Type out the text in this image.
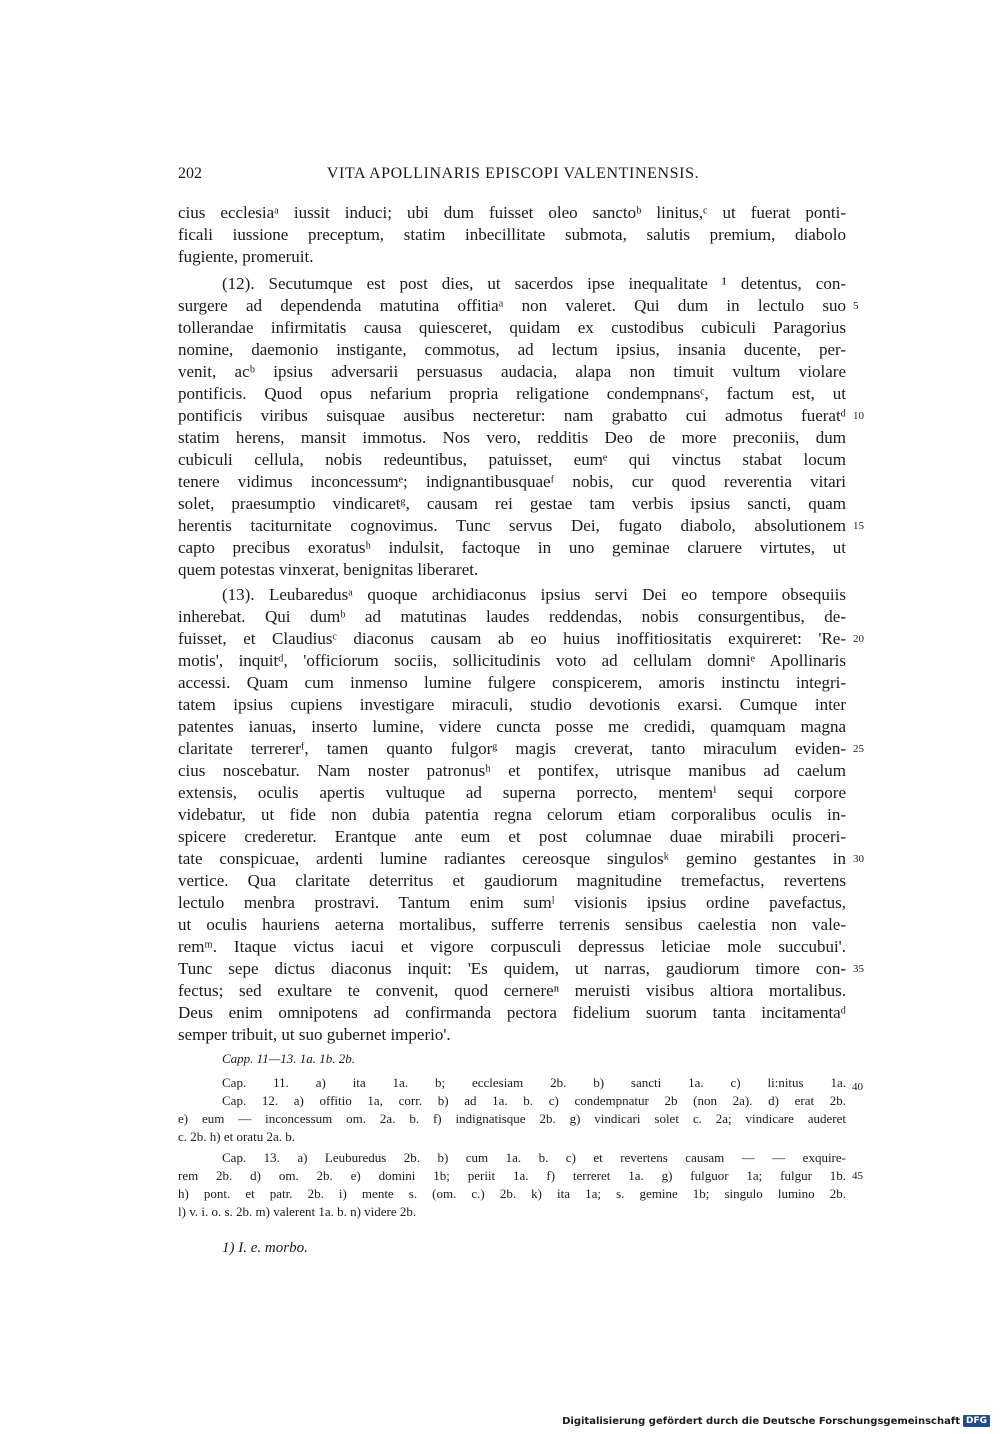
202	VITA APOLLINARIS EPISCOPI VALENTINENSIS.
cius ecclesiaᵃ iussit induci; ubi dum fuisset oleo sanctoᵇ linitus,ᶜ ut fuerat ponti-
ficali iussione preceptum, statim inbecillitate submota, salutis premium, diabolo
fugiente, promeruit.
(12). Secutumque est post dies, ut sacerdos ipse inequalitate ¹ detentus, con-
surgere ad dependenda matutina offitiaᵃ non valeret. Qui dum in lectulo suo
tollerandae infirmitatis causa quiesceret, quidam ex custodibus cubiculi Paragorius
nomine, daemonio instigante, commotus, ad lectum ipsius, insania ducente, per-
venit, acᵇ ipsius adversarii persuasus audacia, alapa non timuit vultum violare
pontificis. Quod opus nefarium propria religatione condempnansᶜ, factum est, ut
pontificis viribus suisquae ausibus necteretur: nam grabatto cui admotus fueratᵈ
statim herens, mansit immotus. Nos vero, redditis Deo de more preconiis, dum
cubiculi cellula, nobis redeuntibus, patuisset, eumᵉ qui vinctus stabat locum
tenere vidimus inconcessumᵉ; indignantibusquaeᶠ nobis, cur quod reverentia vitari
solet, praesumptio vindicaretᵍ, causam rei gestae tam verbis ipsius sancti, quam
herentis taciturnitate cognovimus. Tunc servus Dei, fugato diabolo, absolutionem
capto precibus exoratusʰ indulsit, factoque in uno geminae claruere virtutes, ut
quem potestas vinxerat, benignitas liberaret.
(13). Leubaredusᵃ quoque archidiaconus ipsius servi Dei eo tempore obsequiis
inherebat. Qui dumᵇ ad matutinas laudes reddendas, nobis consurgentibus, de-
fuisset, et Claudiusᶜ diaconus causam ab eo huius inoffitiositatis exquireret: 'Re-
motis', inquitᵈ, 'officiorum sociis, sollicitudinis voto ad cellulam domniᵉ Apollinaris
accessi. Quam cum inmenso lumine fulgere conspicerem, amoris instinctu integri-
tatem ipsius cupiens investigare miraculi, studio devotionis exarsi. Cumque inter
patentes ianuas, inserto lumine, videre cuncta posse me credidi, quamquam magna
claritate terrererᶠ, tamen quanto fulgorᵍ magis creverat, tanto miraculum eviden-
cius noscebatur. Nam noster patronusʰ et pontifex, utrisque manibus ad caelum
extensis, oculis apertis vultuque ad superna porrecto, mentemⁱ sequi corpore
videbatur, ut fide non dubia patentia regna celorum etiam corporalibus oculis in-
spicere crederetur. Erantque ante eum et post columnae duae mirabili proceri-
tate conspicuae, ardenti lumine radiantes cereosque singulosᵏ gemino gestantes in
vertice. Qua claritate deterritus et gaudiorum magnitudine tremefactus, revertens
lectulo menbra prostravi. Tantum enim sumˡ visionis ipsius ordine pavefactus,
ut oculis hauriens aeterna mortalibus, sufferre terrenis sensibus caelestia non vale-
remᵐ. Itaque victus iacui et vigore corpusculi depressus leticiae mole succubui'.
Tunc sepe dictus diaconus inquit: 'Es quidem, ut narras, gaudiorum timore con-
fectus; sed exultare te convenit, quod cernereⁿ meruisti visibus altiora mortalibus.
Deus enim omnipotens ad confirmanda pectora fidelium suorum tanta incitamentaᵈ
semper tribuit, ut suo gubernet imperio'.
5
10
15
20
25
30
35
Capp. 11—13. 1a. 1b. 2b.
Cap. 11. a) ita 1a. b; ecclesiam 2b. b) sancti 1a. c) li:nitus 1a.
Cap. 12. a) offitio 1a, corr. b) ad 1a. b. c) condempnatur 2b (non 2a). d) erat 2b.
e) eum — inconcessum om. 2a. b. f) indignatisque 2b. g) vindicari solet c. 2a; vindicare auderet
c. 2b. h) et oratu 2a. b.
Cap. 13. a) Leuburedus 2b. b) cum 1a. b. c) et revertens causam — — exquire-
rem 2b. d) om. 2b. e) domini 1b; periit 1a. f) terreret 1a. g) fulguor 1a; fulgur 1b.
h) pont. et patr. 2b. i) mente s. (om. c.) 2b. k) ita 1a; s. gemine 1b; singulo lumino 2b.
l) v. i. o. s. 2b. m) valerent 1a. b. n) videre 2b.
40
45
1) I. e. morbo.
Digitalisierung gefördert durch die Deutsche Forschungsgemeinschaft DFG
